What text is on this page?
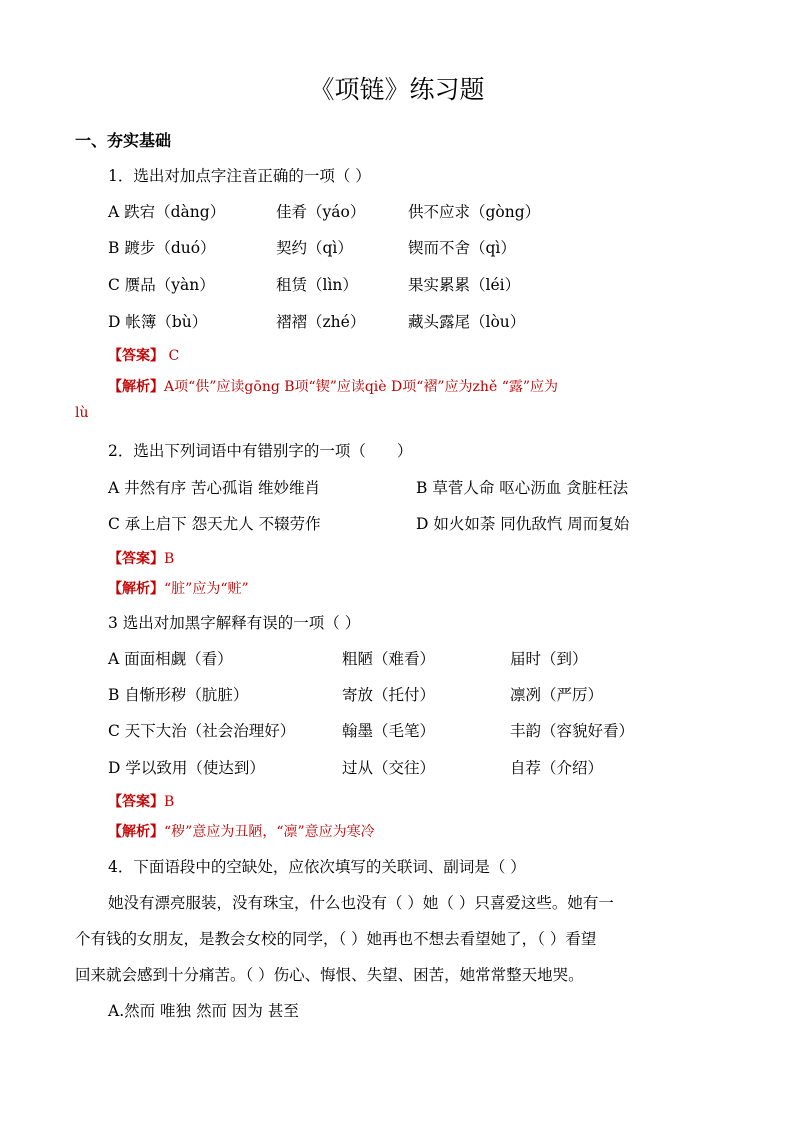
《项链》练习题
一、夯实基础
1．选出对加点字注音正确的一项（ ）
A 跌宕（dàng）	佳肴（yáo）	供不应求（gòng）
B 踱步（duó）	契约（qì）	锲而不舍（qì）
C 赝品（yàn）	租赁（lìn）	果实累累（léi）
D 帐簿（bù）	褶褶（zhé）	藏头露尾（lòu）
【答案】 C
【解析】A项“供”应读gōng B项“锲”应读qiè D项“褶”应为zhě “露”应为
lù
2．选出下列词语中有错别字的一项（　　）
A 井然有序 苦心孤诣 维妙维肖	B 草菅人命 呕心沥血 贪脏枉法
C 承上启下 怨天尤人 不辍劳作	D 如火如荼 同仇敌忾 周而复始
【答案】B
【解析】“脏”应为“赃”
3 选出对加黑字解释有误的一项（ ）
A 面面相觑（看）	粗陋（难看）	届时（到）
B 自惭形秽（肮脏）	寄放（托付）	凛冽（严厉）
C 天下大治（社会治理好）	翰墨（毛笔）	丰韵（容貌好看）
D 学以致用（使达到）	过从（交往）	自荐（介绍）
【答案】B
【解析】“秽”意应为丑陋，“凛”意应为寒冷
4．下面语段中的空缺处，应依次填写的关联词、副词是（ ）
她没有漂亮服装，没有珠宝，什么也没有（ ）她（ ）只喜爱这些。她有一
个有钱的女朋友，是教会女校的同学，（ ）她再也不想去看望她了，（ ）看望
回来就会感到十分痛苦。（ ）伤心、悔恨、失望、困苦，她常常整天地哭。
A.然而 唯独 然而 因为 甚至
